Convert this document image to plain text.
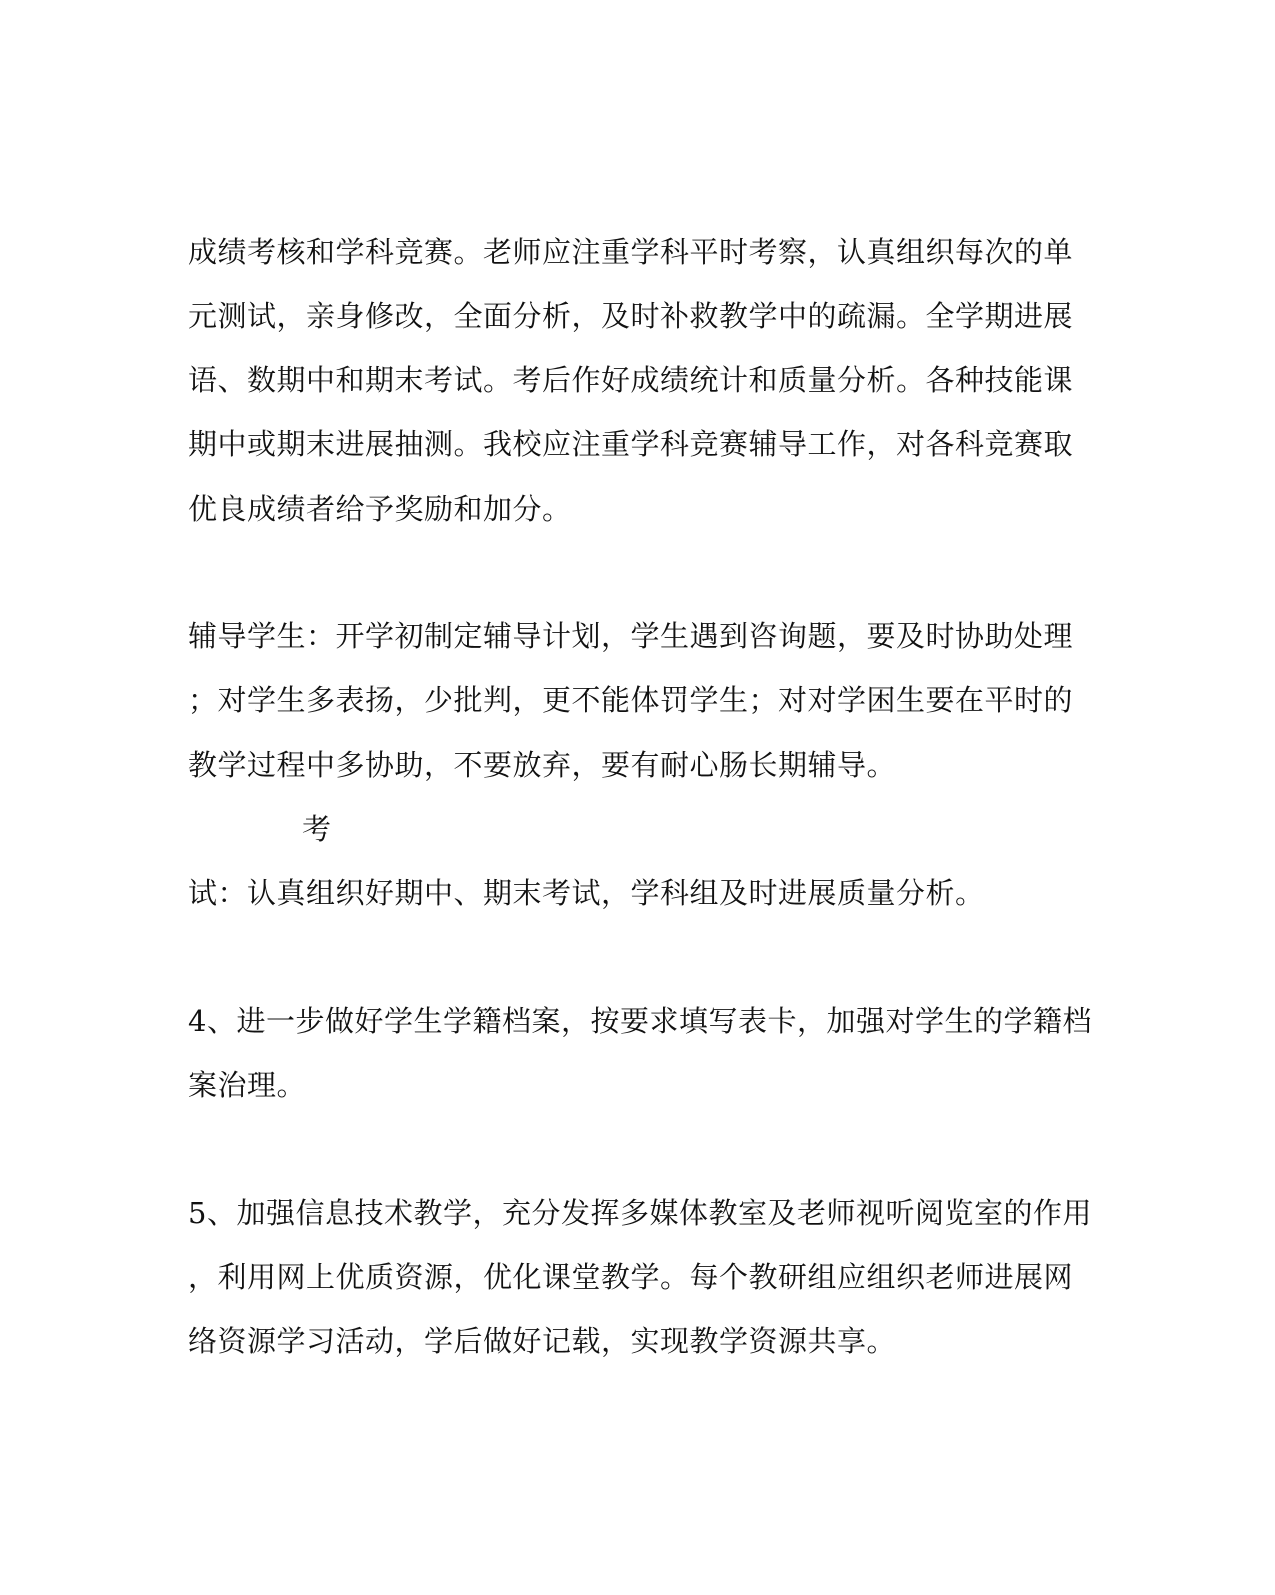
成绩考核和学科竞赛。老师应注重学科平时考察，认真组织每次的单
元测试，亲身修改，全面分析，及时补救教学中的疏漏。全学期进展
语、数期中和期末考试。考后作好成绩统计和质量分析。各种技能课
期中或期末进展抽测。我校应注重学科竞赛辅导工作，对各科竞赛取
优良成绩者给予奖励和加分。
辅导学生：开学初制定辅导计划，学生遇到咨询题，要及时协助处理
；对学生多表扬，少批判，更不能体罚学生；对对学困生要在平时的
教学过程中多协助，不要放弃，要有耐心肠长期辅导。
考
试：认真组织好期中、期末考试，学科组及时进展质量分析。
4、进一步做好学生学籍档案，按要求填写表卡，加强对学生的学籍档
案治理。
5、加强信息技术教学，充分发挥多媒体教室及老师视听阅览室的作用
，利用网上优质资源，优化课堂教学。每个教研组应组织老师进展网
络资源学习活动，学后做好记载，实现教学资源共享。
